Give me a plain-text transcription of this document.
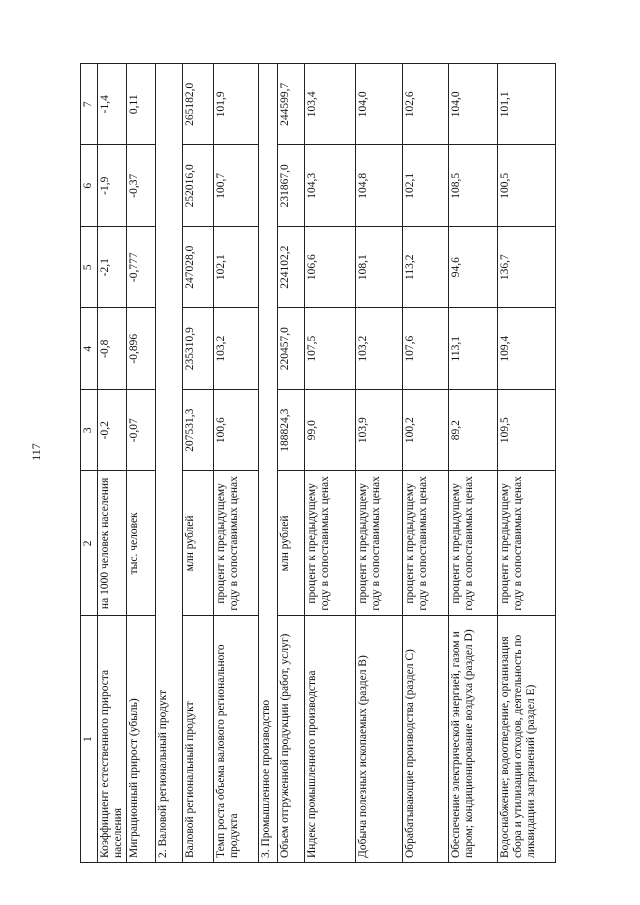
117
1	2	3	4	5	6	7
Коэффициент естественного прироста населения	на 1000 человек населения	-0,2	-0,8	-2,1	-1,9	-1,4
Миграционный прирост (убыль)	тыс. человек	-0,07	-0,896	-0,777	-0,37	0,11
2. Валовой региональный продукт						
Валовой региональный продукт	млн рублей	207531,3	235310,9	247028,0	252016,0	265182,0
Темп роста объема валового регионального продукта	процент к предыдущему году в сопоставимых ценах	100,6	103,2	102,1	100,7	101,9
3. Промышленное производство						
Объем отгруженной продукции (работ, услуг)	млн рублей	188824,3	220457,0	224102,2	231867,0	244599,7
Индекс промышленного производства	процент к предыдущему году в сопоставимых ценах	99,0	107,5	106,6	104,3	103,4
Добыча полезных ископаемых (раздел B)	процент к предыдущему году в сопоставимых ценах	103,9	103,2	108,1	104,8	104,0
Обрабатывающие производства (раздел C)	процент к предыдущему году в сопоставимых ценах	100,2	107,6	113,2	102,1	102,6
Обеспечение электрической энергией, газом и паром; кондиционирование воздуха (раздел D)	процент к предыдущему году в сопоставимых ценах	89,2	113,1	94,6	108,5	104,0
Водоснабжение; водоотведение, организация сбора и утилизации отходов, деятельность по ликвидации загрязнений (раздел E)	процент к предыдущему году в сопоставимых ценах	109,5	109,4	136,7	100,5	101,1
